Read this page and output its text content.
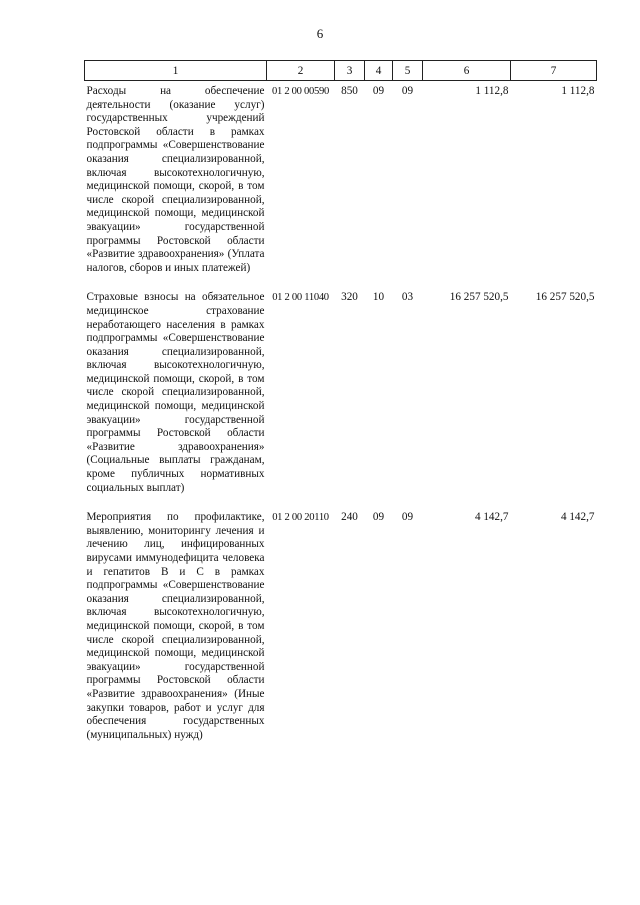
6
1	2	3	4	5	6	7
Расходы на обеспечение деятельности (оказание услуг) государственных учреждений Ростовской области в рамках подпрограммы «Совершенствование оказания специализированной, включая высокотехнологичную, медицинской помощи, скорой, в том числе скорой специализированной, медицинской помощи, медицинской эвакуации» государственной программы Ростовской области «Развитие здравоохранения» (Уплата налогов, сборов и иных платежей)	01 2 00 00590	850	09	09	1 112,8	1 112,8
Страховые взносы на обязательное медицинское страхование неработающего населения в рамках подпрограммы «Совершенствование оказания специализированной, включая высокотехнологичную, медицинской помощи, скорой, в том числе скорой специализированной, медицинской помощи, медицинской эвакуации» государственной программы Ростовской области «Развитие здравоохранения» (Социальные выплаты гражданам, кроме публичных нормативных социальных выплат)	01 2 00 11040	320	10	03	16 257 520,5	16 257 520,5
Мероприятия по профилактике, выявлению, мониторингу лечения и лечению лиц, инфицированных вирусами иммунодефицита человека и гепатитов В и С в рамках подпрограммы «Совершенствование оказания специализированной, включая высокотехнологичную, медицинской помощи, скорой, в том числе скорой специализированной, медицинской помощи, медицинской эвакуации» государственной программы Ростовской области «Развитие здравоохранения» (Иные закупки товаров, работ и услуг для обеспечения государственных (муниципальных) нужд)	01 2 00 20110	240	09	09	4 142,7	4 142,7
